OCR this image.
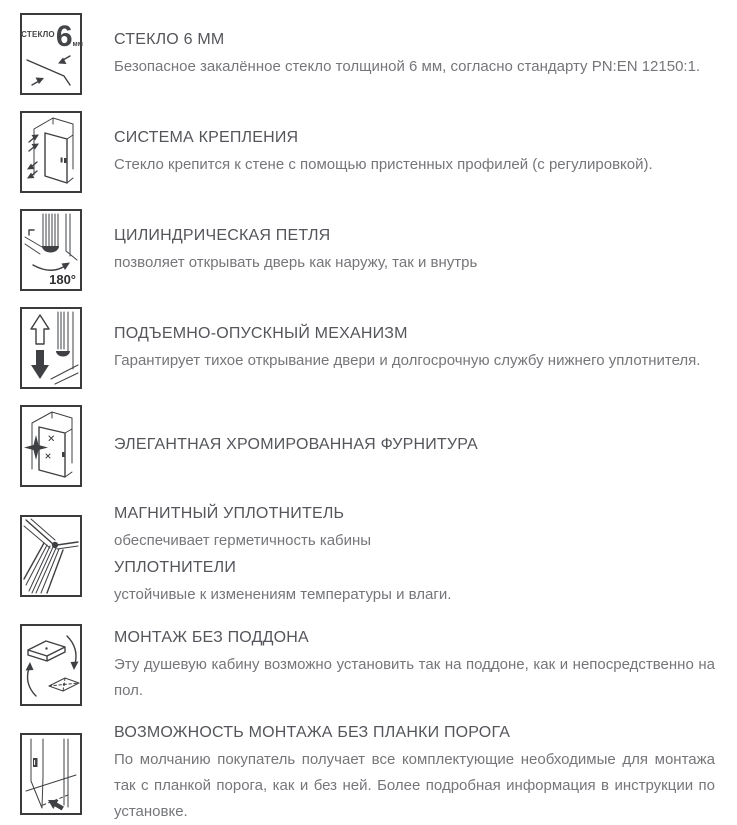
СТЕКЛО 6 мм СТЕКЛО 6 ММ

Безопасное закалённое стекло толщиной 6 мм, согласно стандарту PN:EN 12150:1.

СИСТЕМА КРЕПЛЕНИЯ

Стекло крепится к стене с помощью пристенных профилей (с регулировкой).

180°
ЦИЛИНДРИЧЕСКАЯ ПЕТЛЯ

позволяет открывать дверь как наружу, так и внутрь

ПОДЪЕМНО-ОПУСКНЫЙ МЕХАНИЗМ

Гарантирует тихое открывание двери и долгосрочную службу нижнего уплотнителя.

ЭЛЕГАНТНАЯ ХРОМИРОВАННАЯ ФУРНИТУРА
МАГНИТНЫЙ УПЛОТНИТЕЛЬ

обеспечивает герметичность кабины

УПЛОТНИТЕЛИ

устойчивые к изменениям температуры и влаги.

МОНТАЖ БЕЗ ПОДДОНА

Эту душевую кабину возможно установить так на поддоне, как и непосредственно на пол.

ВОЗМОЖНОСТЬ МОНТАЖА БЕЗ ПЛАНКИ ПОРОГА

По молчанию покупатель получает все комплектующие необходимые для монтажа так с планкой порога, как и без ней. Более подробная информация в инструкции по установке.
